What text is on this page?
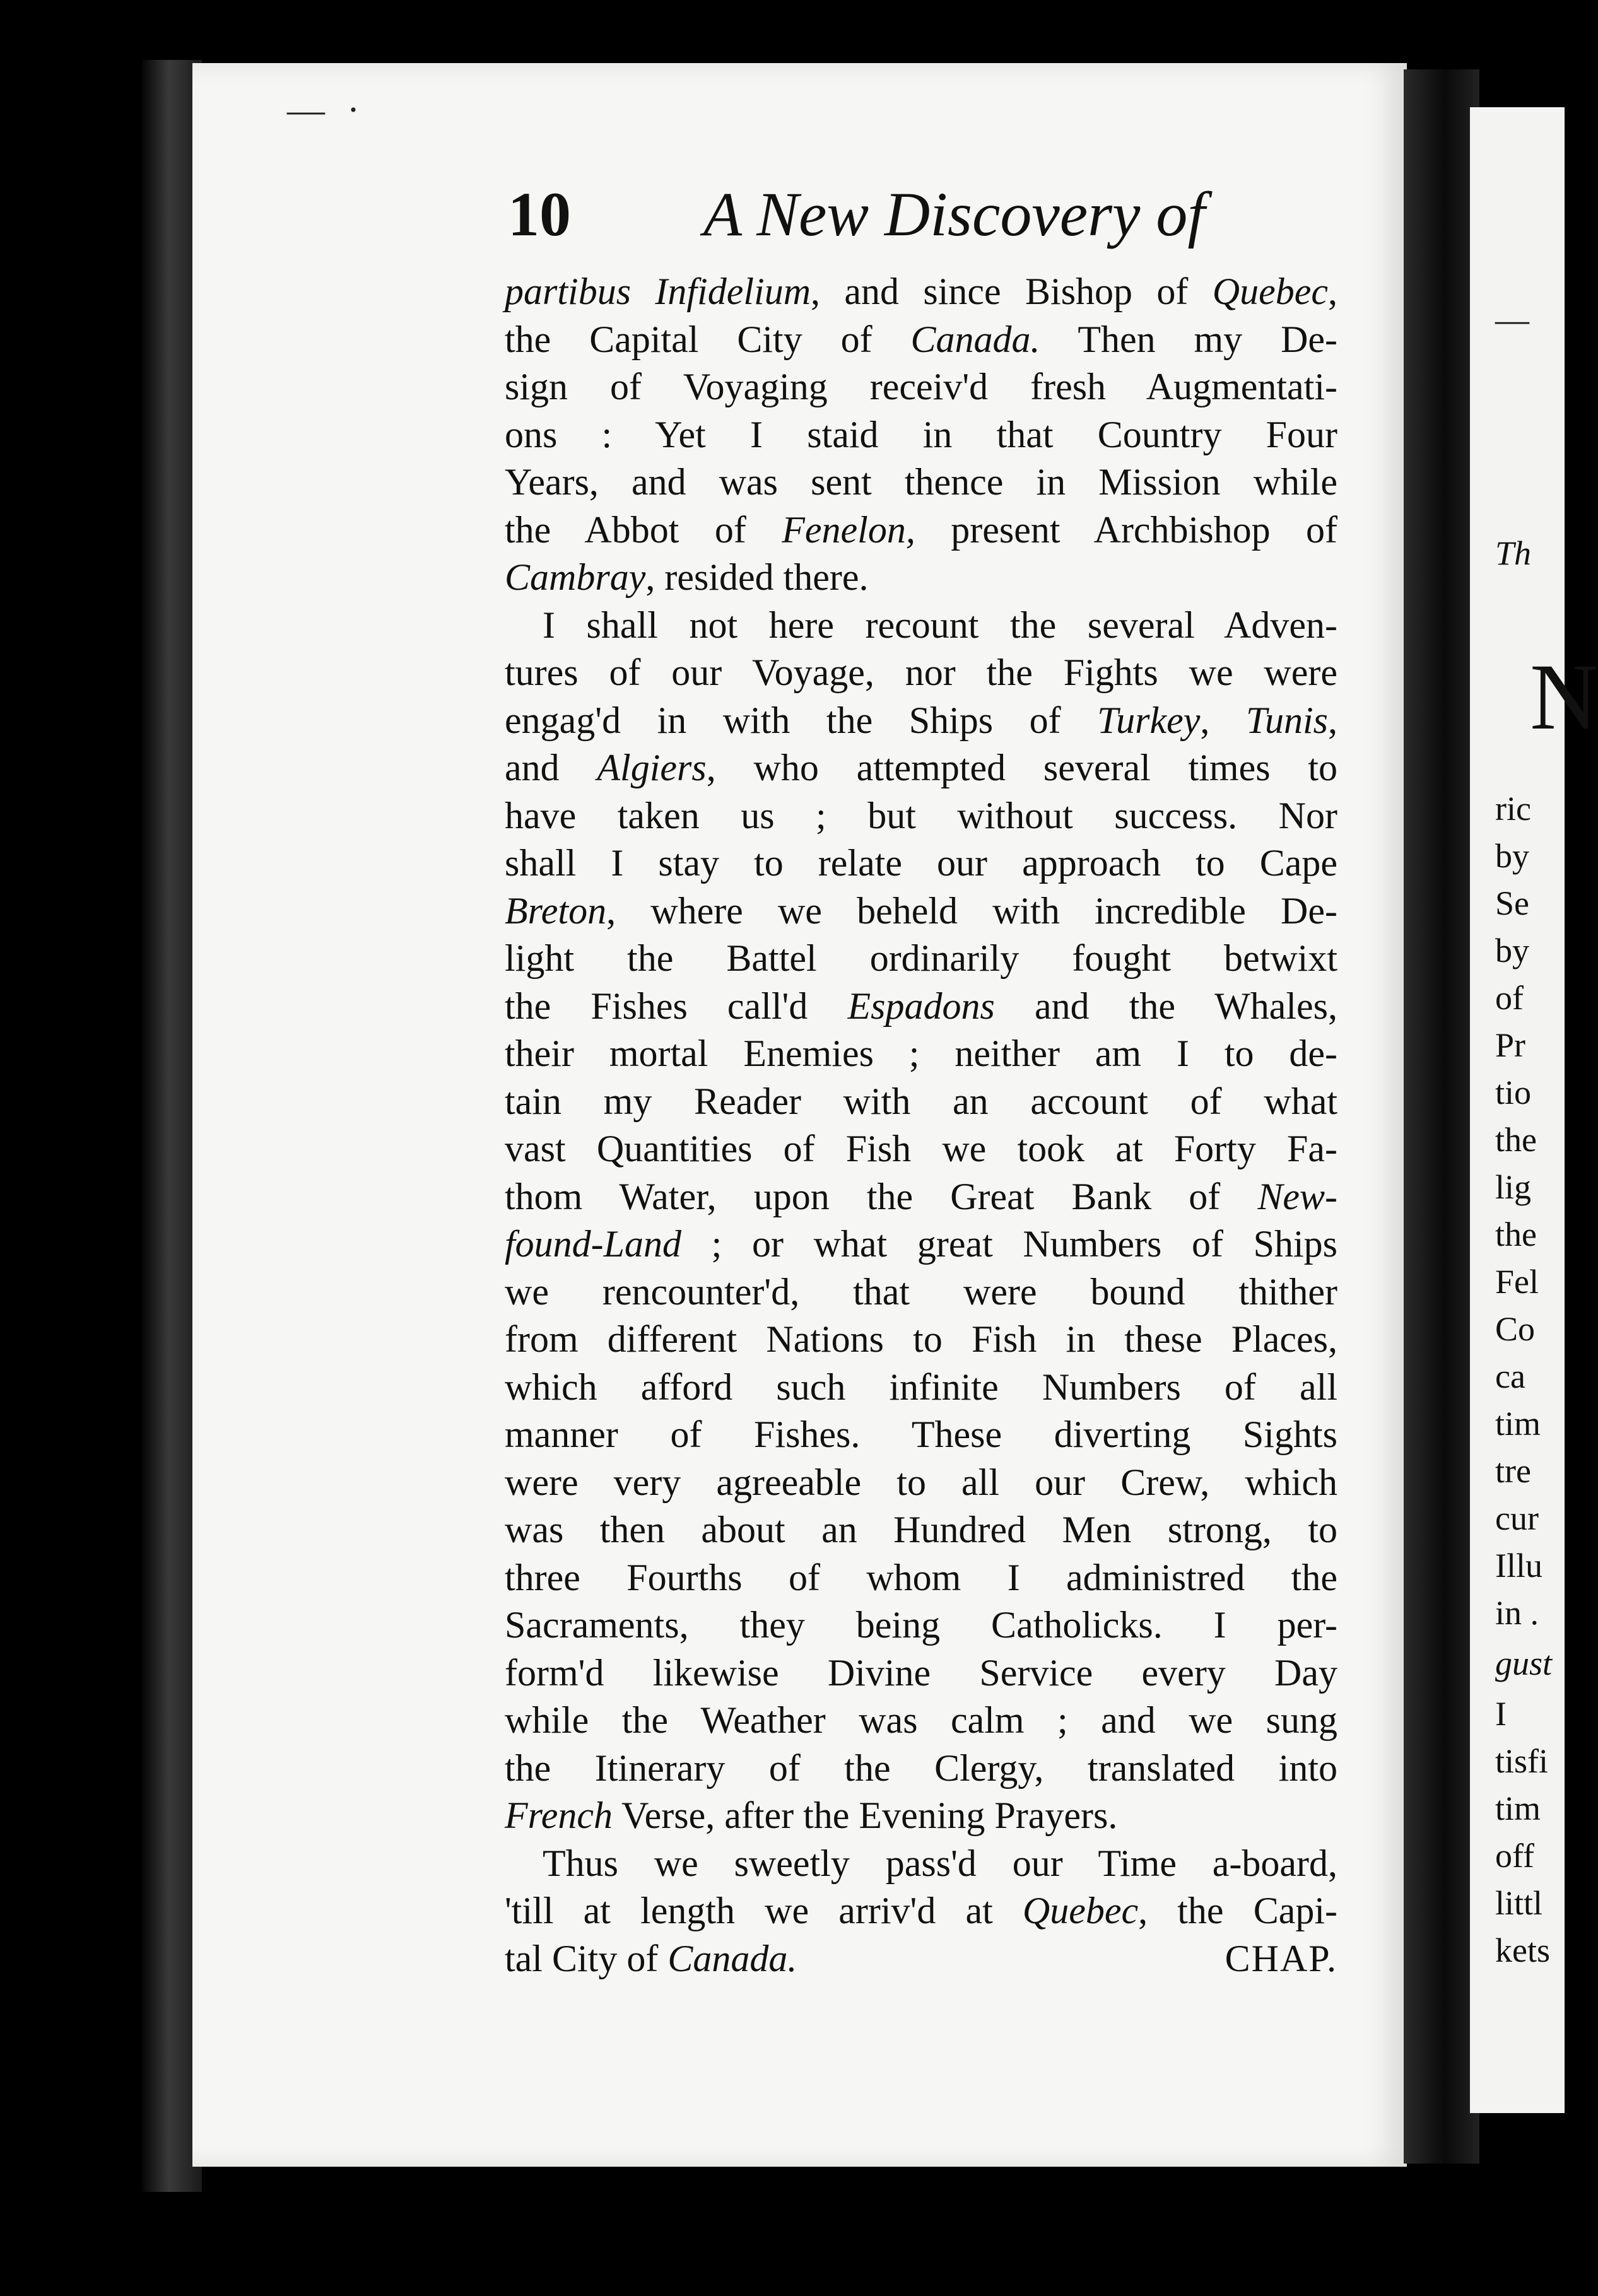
—

Th

N

ric

by

Se

by

of

Pr

tio

the

lig

the

Fel

Co

ca

tim

tre

cur

Illu

in .

gust

I

tisfi

tim

off

littl

kets

— ·

10 A New Discovery of

partibus Infidelium, and since Bishop of Quebec,
the Capital City of Canada. Then my De-
sign of Voyaging receiv'd fresh Augmentati-
ons : Yet I staid in that Country Four
Years, and was sent thence in Mission while
the Abbot of Fenelon, present Archbishop of
Cambray, resided there.
I shall not here recount the several Adven-
tures of our Voyage, nor the Fights we were
engag'd in with the Ships of Turkey, Tunis,
and Algiers, who attempted several times to
have taken us ; but without success. Nor
shall I stay to relate our approach to Cape
Breton, where we beheld with incredible De-
light the Battel ordinarily fought betwixt
the Fishes call'd Espadons and the Whales,
their mortal Enemies ; neither am I to de-
tain my Reader with an account of what
vast Quantities of Fish we took at Forty Fa-
thom Water, upon the Great Bank of New-
found-Land ; or what great Numbers of Ships
we rencounter'd, that were bound thither
from different Nations to Fish in these Places,
which afford such infinite Numbers of all
manner of Fishes. These diverting Sights
were very agreeable to all our Crew, which
was then about an Hundred Men strong, to
three Fourths of whom I administred the
Sacraments, they being Catholicks. I per-
form'd likewise Divine Service every Day
while the Weather was calm ; and we sung
the Itinerary of the Clergy, translated into
French Verse, after the Evening Prayers.
Thus we sweetly pass'd our Time a-board,
'till at length we arriv'd at Quebec, the Capi-
tal City of Canada.	CHAP.
